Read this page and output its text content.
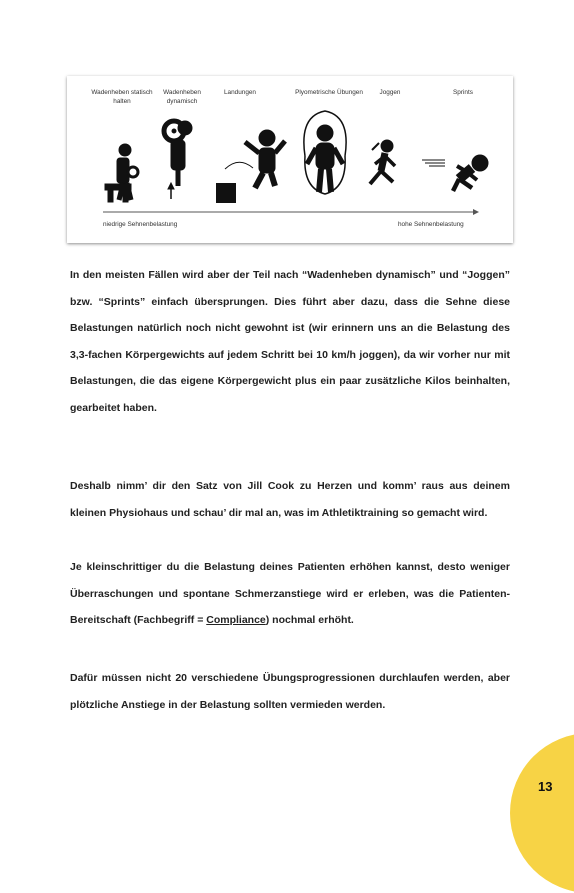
Wadenheben statisch halten
Wadenheben dynamisch
Landungen	Plyometrische Übungen	Joggen	Sprints
niedrige Sehnenbelastung	hohe Sehnenbelastung

In den meisten Fällen wird aber der Teil nach “Wadenheben dynamisch” und “Joggen” bzw. “Sprints” einfach übersprungen. Dies führt aber dazu, dass die Sehne diese Belastungen natürlich noch nicht gewohnt ist (wir erinnern uns an die Belastung des 3,3-fachen Körpergewichts auf jedem Schritt bei 10 km/h joggen), da wir vorher nur mit Belastungen, die das eigene Körpergewicht plus ein paar zusätzliche Kilos beinhalten, gearbeitet haben.

Deshalb nimm’ dir den Satz von Jill Cook zu Herzen und komm’ raus aus deinem kleinen Physiohaus und schau’ dir mal an, was im Athletiktraining so gemacht wird.

Je kleinschrittiger du die Belastung deines Patienten erhöhen kannst, desto weniger Überraschungen und spontane Schmerzanstiege wird er erleben, was die Patienten-Bereitschaft (Fachbegriff = Compliance) nochmal erhöht.

Dafür müssen nicht 20 verschiedene Übungsprogressionen durchlaufen werden, aber plötzliche Anstiege in der Belastung sollten vermieden werden.

13
